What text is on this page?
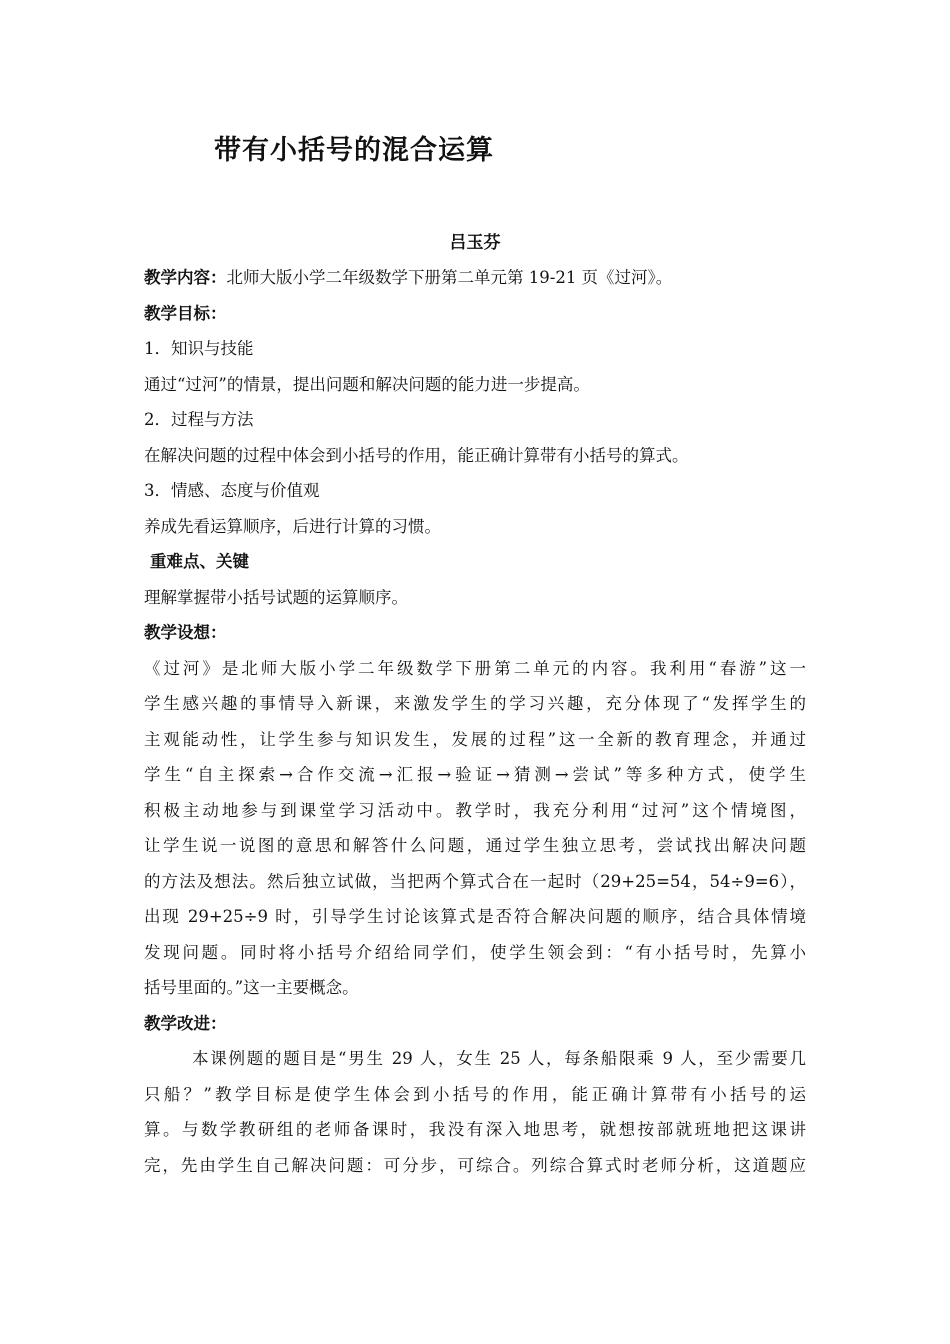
带有小括号的混合运算
吕玉芬
教学内容：北师大版小学二年级数学下册第二单元第 19-21 页《过河》。
教学目标：
1．知识与技能
通过“过河”的情景，提出问题和解决问题的能力进一步提高。
2．过程与方法
在解决问题的过程中体会到小括号的作用，能正确计算带有小括号的算式。
3．情感、态度与价值观
养成先看运算顺序，后进行计算的习惯。
重难点、关键
理解掌握带小括号试题的运算顺序。
教学设想：
《过河》是北师大版小学二年级数学下册第二单元的内容。我利用“春游”这一
学生感兴趣的事情导入新课，来激发学生的学习兴趣，充分体现了“发挥学生的
主观能动性，让学生参与知识发生，发展的过程”这一全新的教育理念，并通过
学生“自主探索→合作交流→汇报→验证→猜测→尝试”等多种方式，使学生
积极主动地参与到课堂学习活动中。教学时，我充分利用“过河”这个情境图，
让学生说一说图的意思和解答什么问题，通过学生独立思考，尝试找出解决问题
的方法及想法。然后独立试做，当把两个算式合在一起时（29+25=54，54÷9=6），
出现 29+25÷9 时，引导学生讨论该算式是否符合解决问题的顺序，结合具体情境
发现问题。同时将小括号介绍给同学们，使学生领会到：“有小括号时，先算小
括号里面的。”这一主要概念。
教学改进：
本课例题的题目是“男生 29 人，女生 25 人，每条船限乘 9 人，至少需要几
只船？”教学目标是使学生体会到小括号的作用，能正确计算带有小括号的运
算。与数学教研组的老师备课时，我没有深入地思考，就想按部就班地把这课讲
完，先由学生自己解决问题：可分步，可综合。列综合算式时老师分析，这道题应
